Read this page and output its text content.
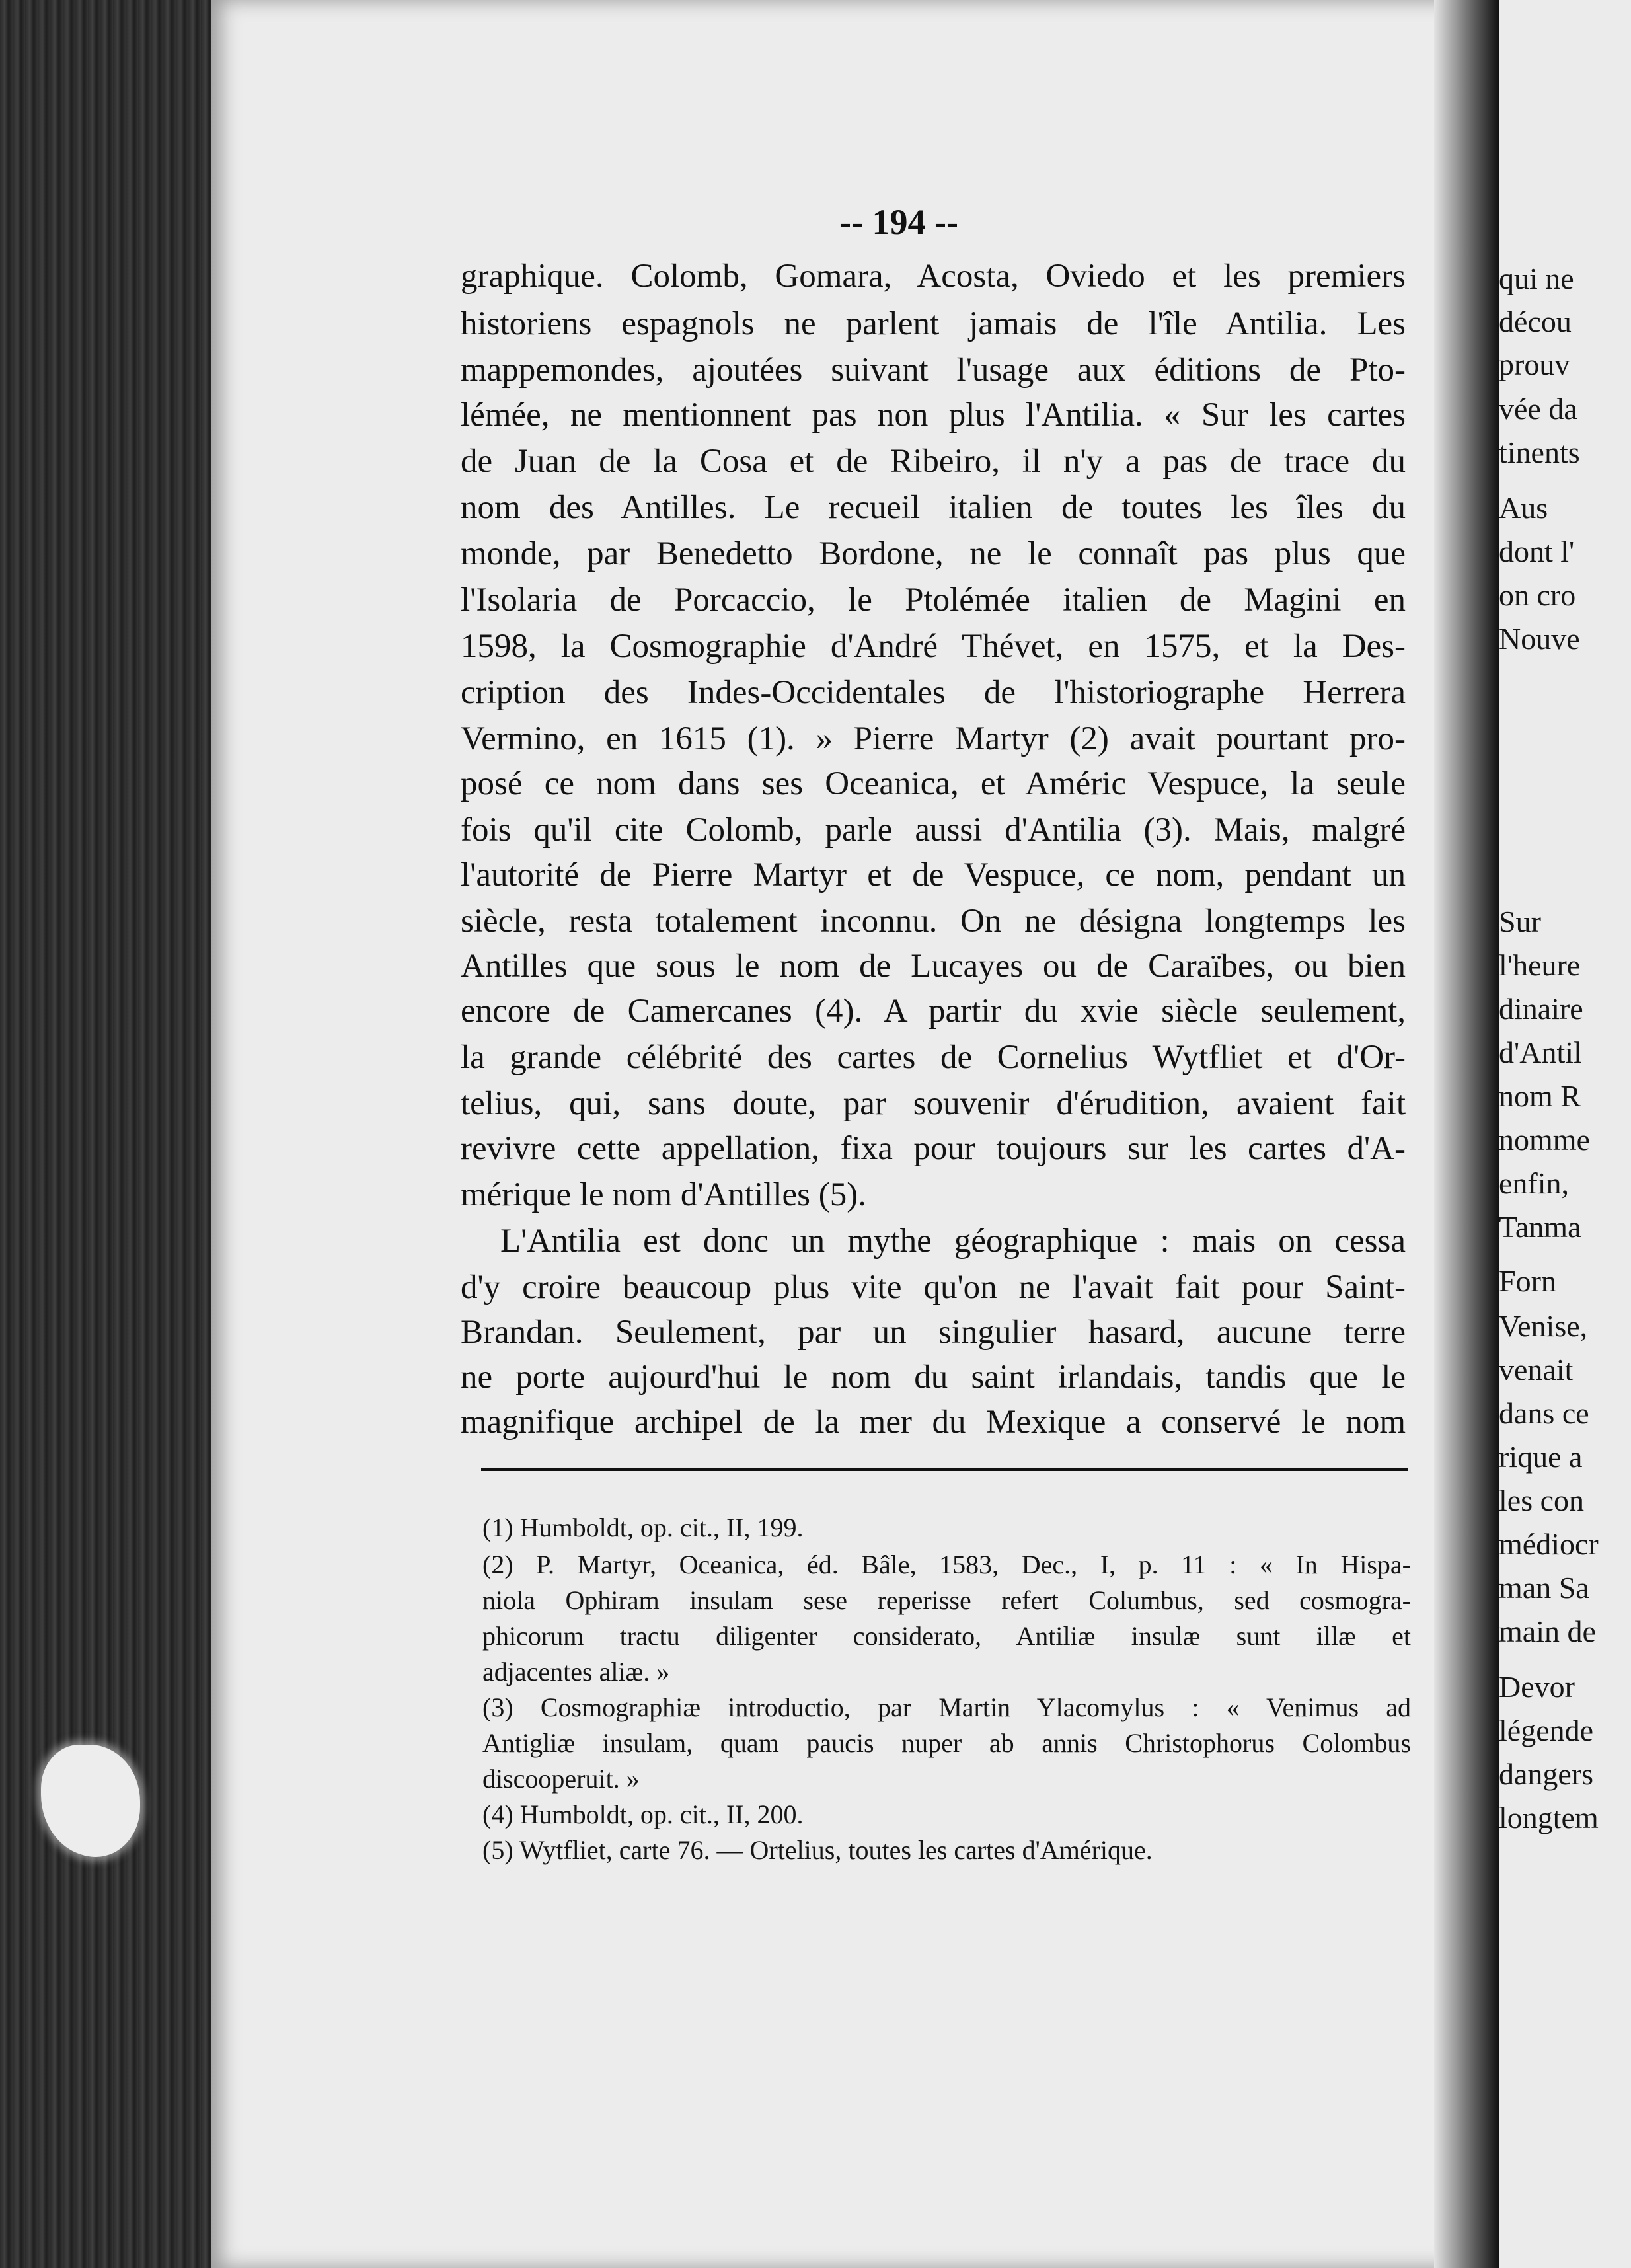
qui ne
décou
prouv
vée da
tinents
Aus
dont l'
on cro
Nouve
Sur
l'heure
dinaire
d'Antil
nom R
nomme
enfin,
Tanma
Forn
Venise,
venait
dans ce
rique a
les con
médiocr
man Sa
main de
Devor
légende
dangers
longtem
-- 194 --
graphique. Colomb, Gomara, Acosta, Oviedo et les premiers
historiens espagnols ne parlent jamais de l'île Antilia. Les
mappemondes, ajoutées suivant l'usage aux éditions de Pto-
lémée, ne mentionnent pas non plus l'Antilia. « Sur les cartes
de Juan de la Cosa et de Ribeiro, il n'y a pas de trace du
nom des Antilles. Le recueil italien de toutes les îles du
monde, par Benedetto Bordone, ne le connaît pas plus que
l'Isolaria de Porcaccio, le Ptolémée italien de Magini en
1598, la Cosmographie d'André Thévet, en 1575, et la Des-
cription des Indes-Occidentales de l'historiographe Herrera
Vermino, en 1615 (1). » Pierre Martyr (2) avait pourtant pro-
posé ce nom dans ses Oceanica, et Améric Vespuce, la seule
fois qu'il cite Colomb, parle aussi d'Antilia (3). Mais, malgré
l'autorité de Pierre Martyr et de Vespuce, ce nom, pendant un
siècle, resta totalement inconnu. On ne désigna longtemps les
Antilles que sous le nom de Lucayes ou de Caraïbes, ou bien
encore de Camercanes (4). A partir du xvie siècle seulement,
la grande célébrité des cartes de Cornelius Wytfliet et d'Or-
telius, qui, sans doute, par souvenir d'érudition, avaient fait
revivre cette appellation, fixa pour toujours sur les cartes d'A-
mérique le nom d'Antilles (5).
L'Antilia est donc un mythe géographique : mais on cessa
d'y croire beaucoup plus vite qu'on ne l'avait fait pour Saint-
Brandan. Seulement, par un singulier hasard, aucune terre
ne porte aujourd'hui le nom du saint irlandais, tandis que le
magnifique archipel de la mer du Mexique a conservé le nom
(1) Humboldt, op. cit., II, 199.
(2) P. Martyr, Oceanica, éd. Bâle, 1583, Dec., I, p. 11 : « In Hispa-
niola Ophiram insulam sese reperisse refert Columbus, sed cosmogra-
phicorum tractu diligenter considerato, Antiliæ insulæ sunt illæ et
adjacentes aliæ. »
(3) Cosmographiæ introductio, par Martin Ylacomylus : « Venimus ad
Antigliæ insulam, quam paucis nuper ab annis Christophorus Colombus
discooperuit. »
(4) Humboldt, op. cit., II, 200.
(5) Wytfliet, carte 76. — Ortelius, toutes les cartes d'Amérique.
